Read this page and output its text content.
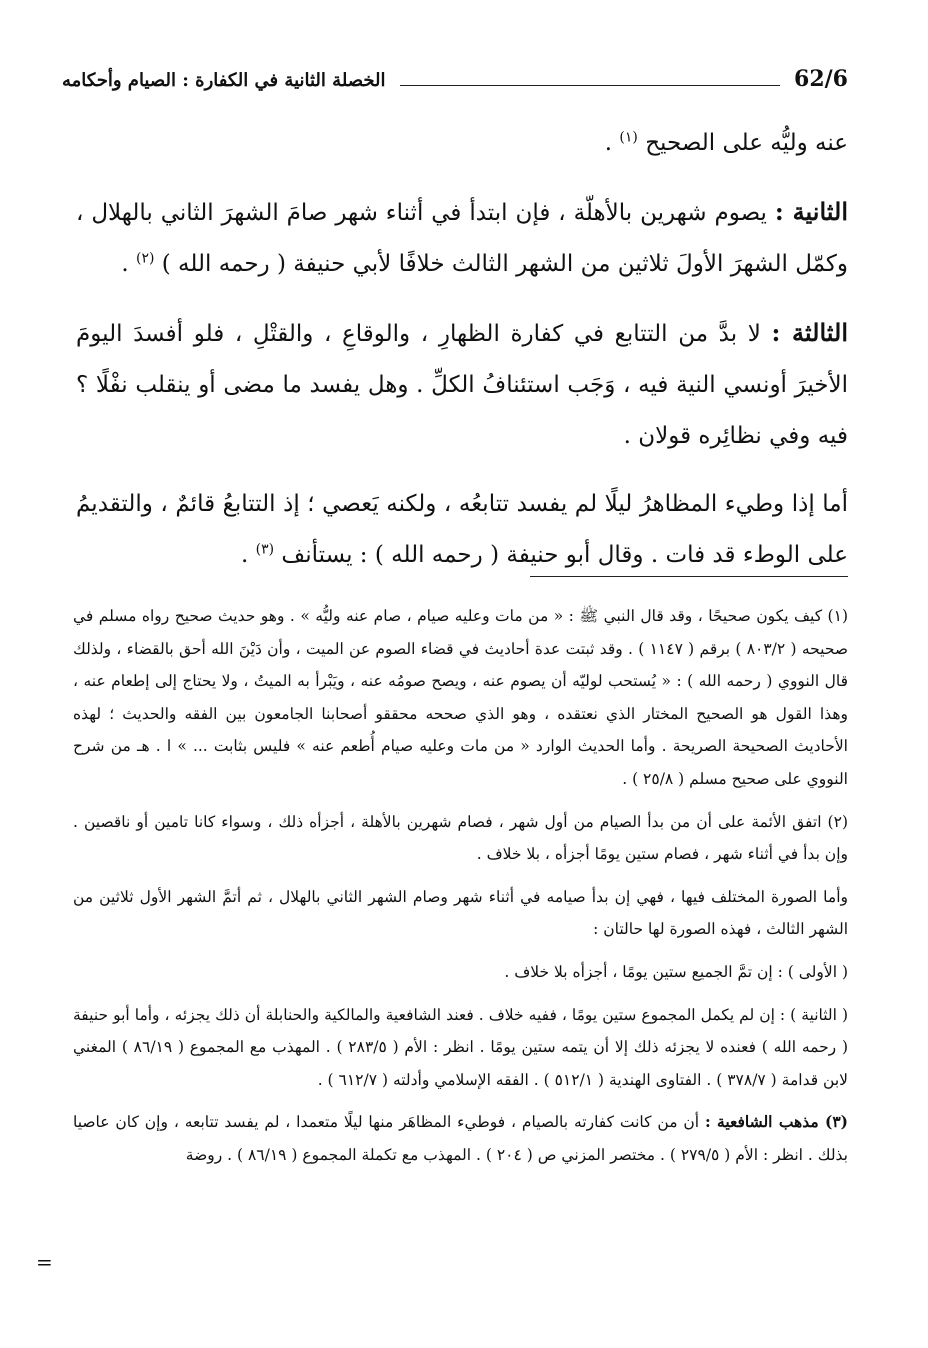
62/6
الخصلة الثانية في الكفارة : الصيام وأحكامه

عنه وليُّه على الصحيح $^{(١)}$ .

الثانية : يصوم شهرين بالأهلّة ، فإن ابتدأ في أثناء شهر صامَ الشهرَ الثاني بالهلال ، وكمّل الشهرَ الأولَ ثلاثين من الشهر الثالث خلافًا لأبي حنيفة ( رحمه الله ) $^{(٢)}$ .

الثالثة : لا بدَّ من التتابع في كفارة الظهارِ ، والوقاعِ ، والقتْلِ ، فلو أفسدَ اليومَ الأخيرَ أونسي النية فيه ، وَجَب استئنافُ الكلِّ . وهل يفسد ما مضى أو ينقلب نفْلًا ؟ فيه وفي نظائِره قولان .

أما إذا وطيء المظاهرُ ليلًا لم يفسد تتابعُه ، ولكنه يَعصي ؛ إذ التتابعُ قائمٌ ، والتقديمُ على الوطء قد فات . وقال أبو حنيفة ( رحمه الله ) : يستأنف $^{(٣)}$ .

(١) كيف يكون صحيحًا ، وقد قال النبي ﷺ : « من مات وعليه صيام ، صام عنه وليُّه » . وهو حديث صحيح رواه مسلم في صحيحه ( ٨٠٣/٢ ) برقم ( ١١٤٧ ) . وقد ثبتت عدة أحاديث في قضاء الصوم عن الميت ، وأن دَيْنَ الله أحق بالقضاء ، ولذلك قال النووي ( رحمه الله ) : « يُستحب لوليّه أن يصوم عنه ، ويصح صومُه عنه ، ويَبْرأ به الميتُ ، ولا يحتاج إلى إطعام عنه ، وهذا القول هو الصحيح المختار الذي نعتقده ، وهو الذي صححه محققو أصحابنا الجامعون بين الفقه والحديث ؛ لهذه الأحاديث الصحيحة الصريحة . وأما الحديث الوارد « من مات وعليه صيام أُطعم عنه » فليس بثابت ... » ا . هـ من شرح النووي على صحيح مسلم ( ٢٥/٨ ) .

(٢) اتفق الأئمة على أن من بدأ الصيام من أول شهر ، فصام شهرين بالأهلة ، أجزأه ذلك ، وسواء كانا تامين أو ناقصين . وإن بدأ في أثناء شهر ، فصام ستين يومًا أجزأه ، بلا خلاف .

وأما الصورة المختلف فيها ، فهي إن بدأ صيامه في أثناء شهر وصام الشهر الثاني بالهلال ، ثم أتمَّ الشهر الأول ثلاثين من الشهر الثالث ، فهذه الصورة لها حالتان :

( الأولى ) : إن تمَّ الجميع ستين يومًا ، أجزأه بلا خلاف .

( الثانية ) : إن لم يكمل المجموع ستين يومًا ، ففيه خلاف . فعند الشافعية والمالكية والحنابلة أن ذلك يجزئه ، وأما أبو حنيفة ( رحمه الله ) فعنده لا يجزئه ذلك إلا أن يتمه ستين يومًا . انظر : الأم ( ٢٨٣/٥ ) . المهذب مع المجموع ( ٨٦/١٩ ) المغني لابن قدامة ( ٣٧٨/٧ ) . الفتاوى الهندية ( ٥١٢/١ ) . الفقه الإسلامي وأدلته ( ٦١٢/٧ ) .

(٣) مذهب الشافعية : أن من كانت كفارته بالصيام ، فوطيء المظاهَر منها ليلًا متعمدا ، لم يفسد تتابعه ، وإن كان عاصيا بذلك . انظر : الأم ( ٢٧٩/٥ ) . مختصر المزني ص ( ٢٠٤ ) . المهذب مع تكملة المجموع ( ٨٦/١٩ ) . روضة

=
